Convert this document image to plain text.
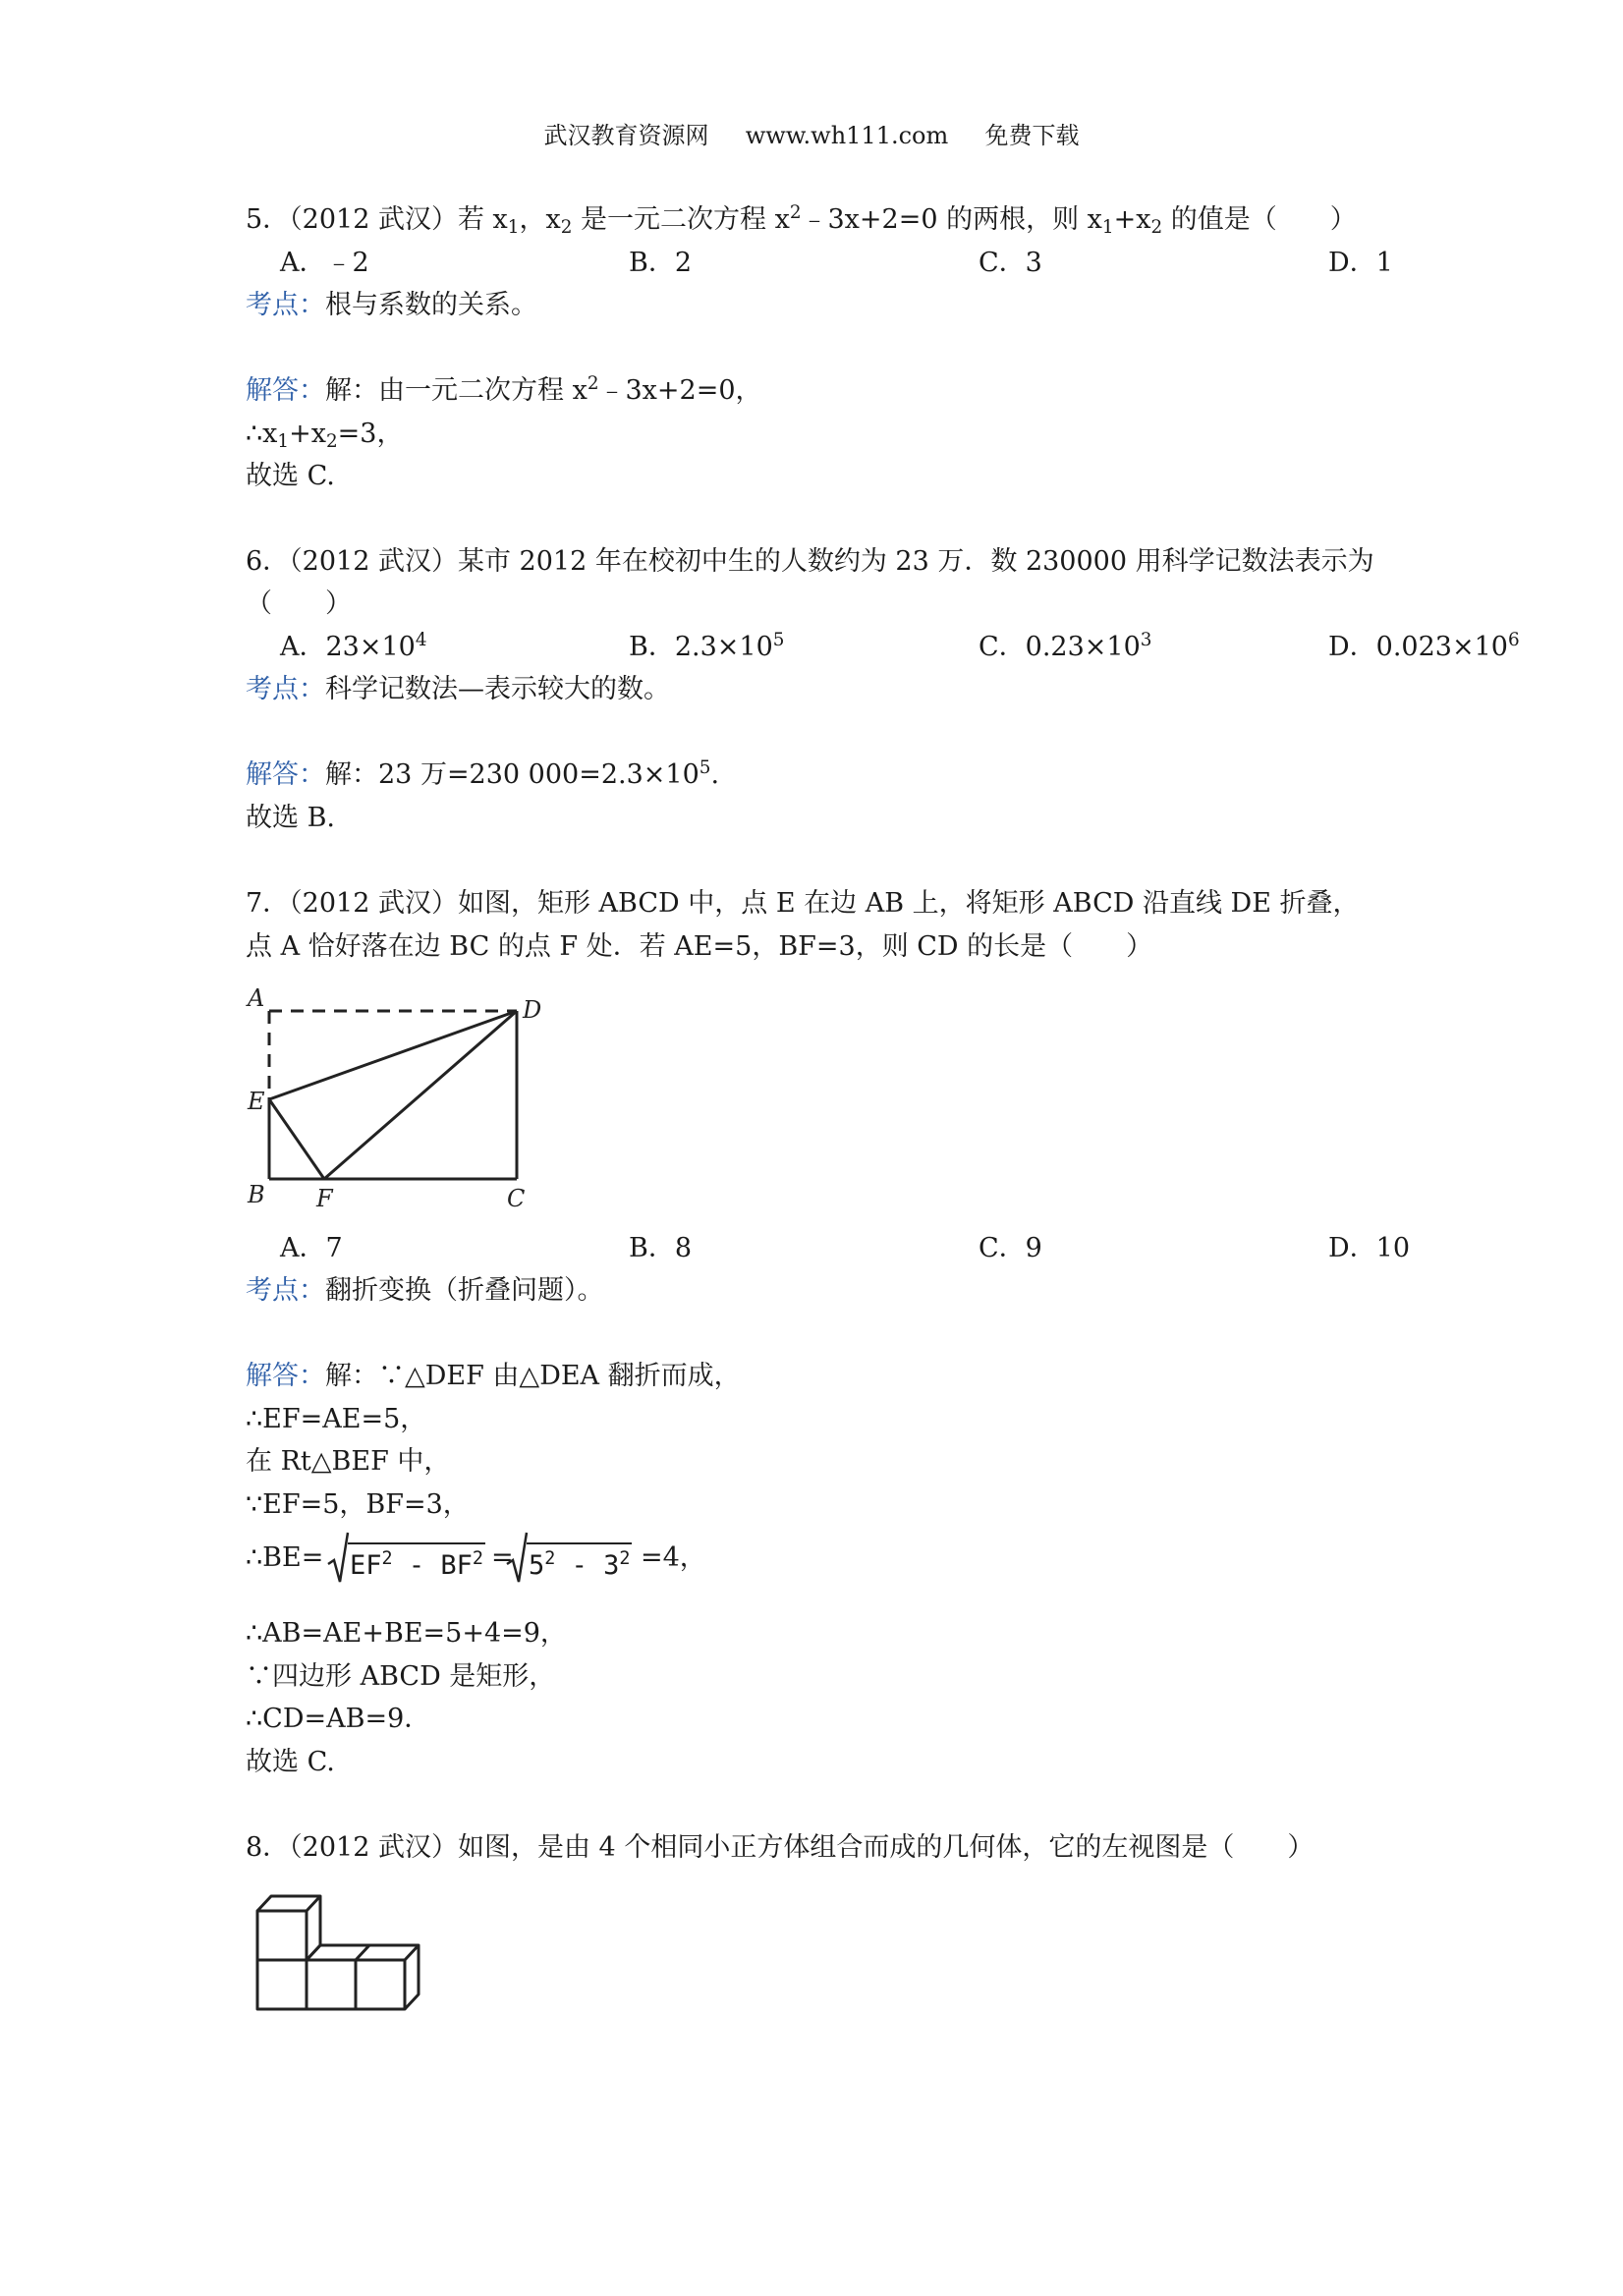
武汉教育资源网 www.wh111.com 免费下载
5．（2012 武汉）若 $x_1$，$x_2$ 是一元二次方程 $x^2﹣3x+2=0$ 的两根，则 $x_1+x_2$ 的值是（　　）
A．﹣2	B．2	C．3	D．1
考点：根与系数的关系。
解答：解：由一元二次方程 $x^2﹣3x+2=0$，
$\therefore x_1+x_2=3$，
故选 C.
6．（2012 武汉）某市 2012 年在校初中生的人数约为 23 万．数 230000 用科学记数法表示为
（　　）
A．$23\times 10^4$	B．$2.3\times 10^5$	C．$0.23\times 10^3$	D．$0.023\times 10^6$
考点：科学记数法—表示较大的数。
解答：解：23 万=230 $000=2.3\times 10^5$.
故选 B.
7．（2012 武汉）如图，矩形 ABCD 中，点 E 在边 AB 上，将矩形 ABCD 沿直线 DE 折叠，
点 A 恰好落在边 BC 的点 F 处．若 AE=5，BF=3，则 CD 的长是（　　）
A	D
E
B F	C
A．7	B．8	C．9	D．10
考点：翻折变换（折叠问题）。
解答：解：∵△DEF 由△DEA 翻折而成，
∴EF=AE=5，
在 Rt△BEF 中，
∵EF=5，BF=3，
∴BE= $EF^2 - BF^2 = 5^2 - 3^2 =4$，
∴AB=AE+BE=5+4=9，
∵四边形 ABCD 是矩形，
∴CD=AB=9．
故选 C.
8．（2012 武汉）如图，是由 4 个相同小正方体组合而成的几何体，它的左视图是（　　）
